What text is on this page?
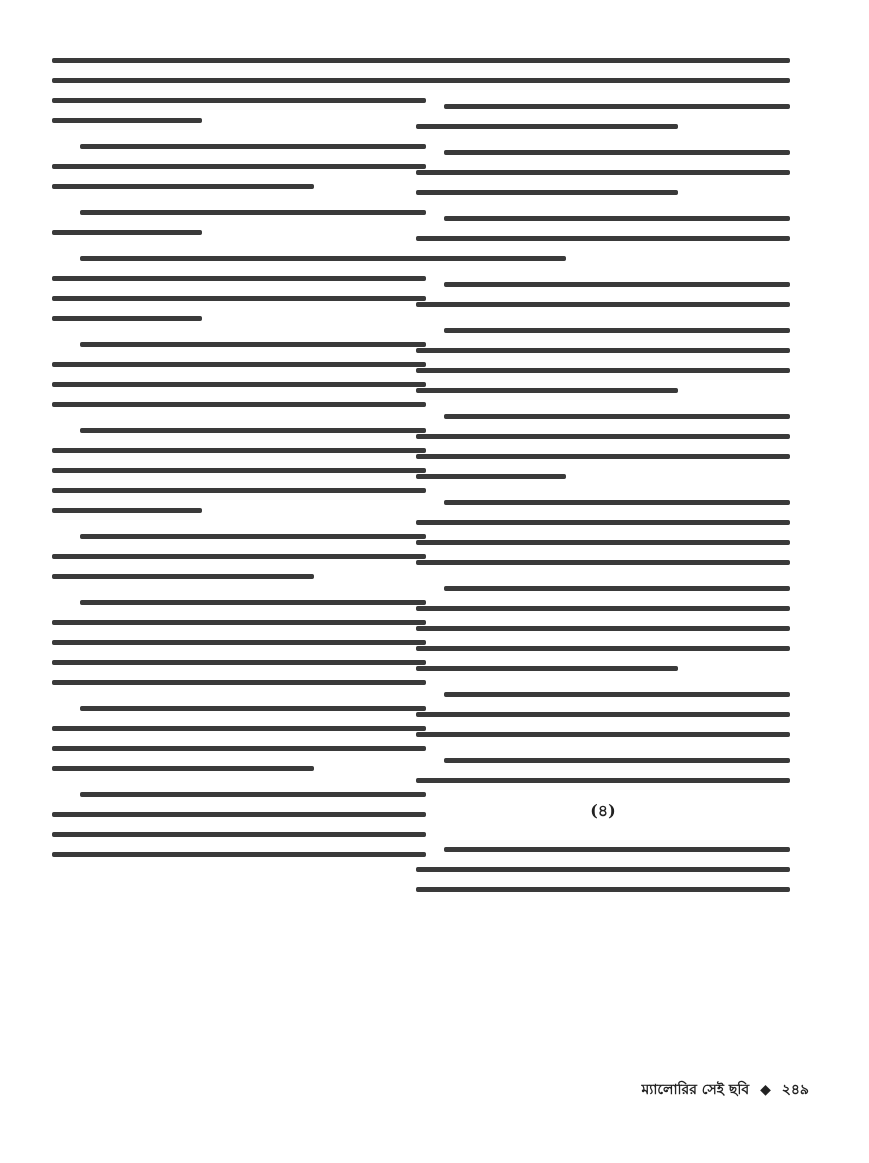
(৪)
ম্যালোরির সেই ছবি ◆ ২৪৯
